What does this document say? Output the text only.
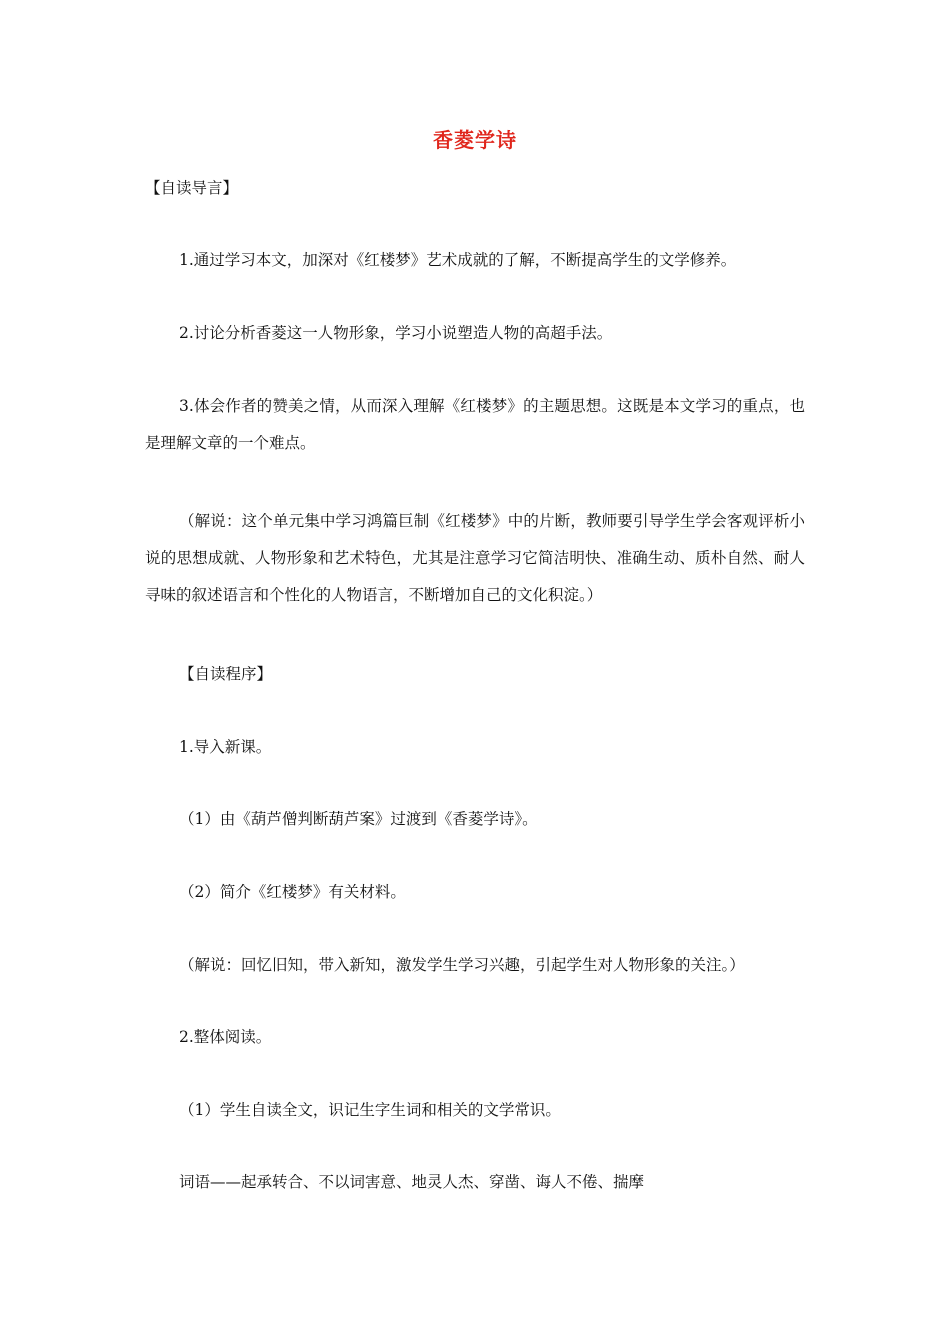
香菱学诗
【自读导言】
1.通过学习本文，加深对《红楼梦》艺术成就的了解，不断提高学生的文学修养。
2.讨论分析香菱这一人物形象，学习小说塑造人物的高超手法。
3.体会作者的赞美之情，从而深入理解《红楼梦》的主题思想。这既是本文学习的重点，也是理解文章的一个难点。
（解说：这个单元集中学习鸿篇巨制《红楼梦》中的片断，教师要引导学生学会客观评析小说的思想成就、人物形象和艺术特色，尤其是注意学习它简洁明快、准确生动、质朴自然、耐人寻味的叙述语言和个性化的人物语言，不断增加自己的文化积淀。）
【自读程序】
1.导入新课。
（1）由《葫芦僧判断葫芦案》过渡到《香菱学诗》。
（2）简介《红楼梦》有关材料。
（解说：回忆旧知，带入新知，激发学生学习兴趣，引起学生对人物形象的关注。）
2.整体阅读。
（1）学生自读全文，识记生字生词和相关的文学常识。
词语——起承转合、不以词害意、地灵人杰、穿凿、诲人不倦、揣摩
